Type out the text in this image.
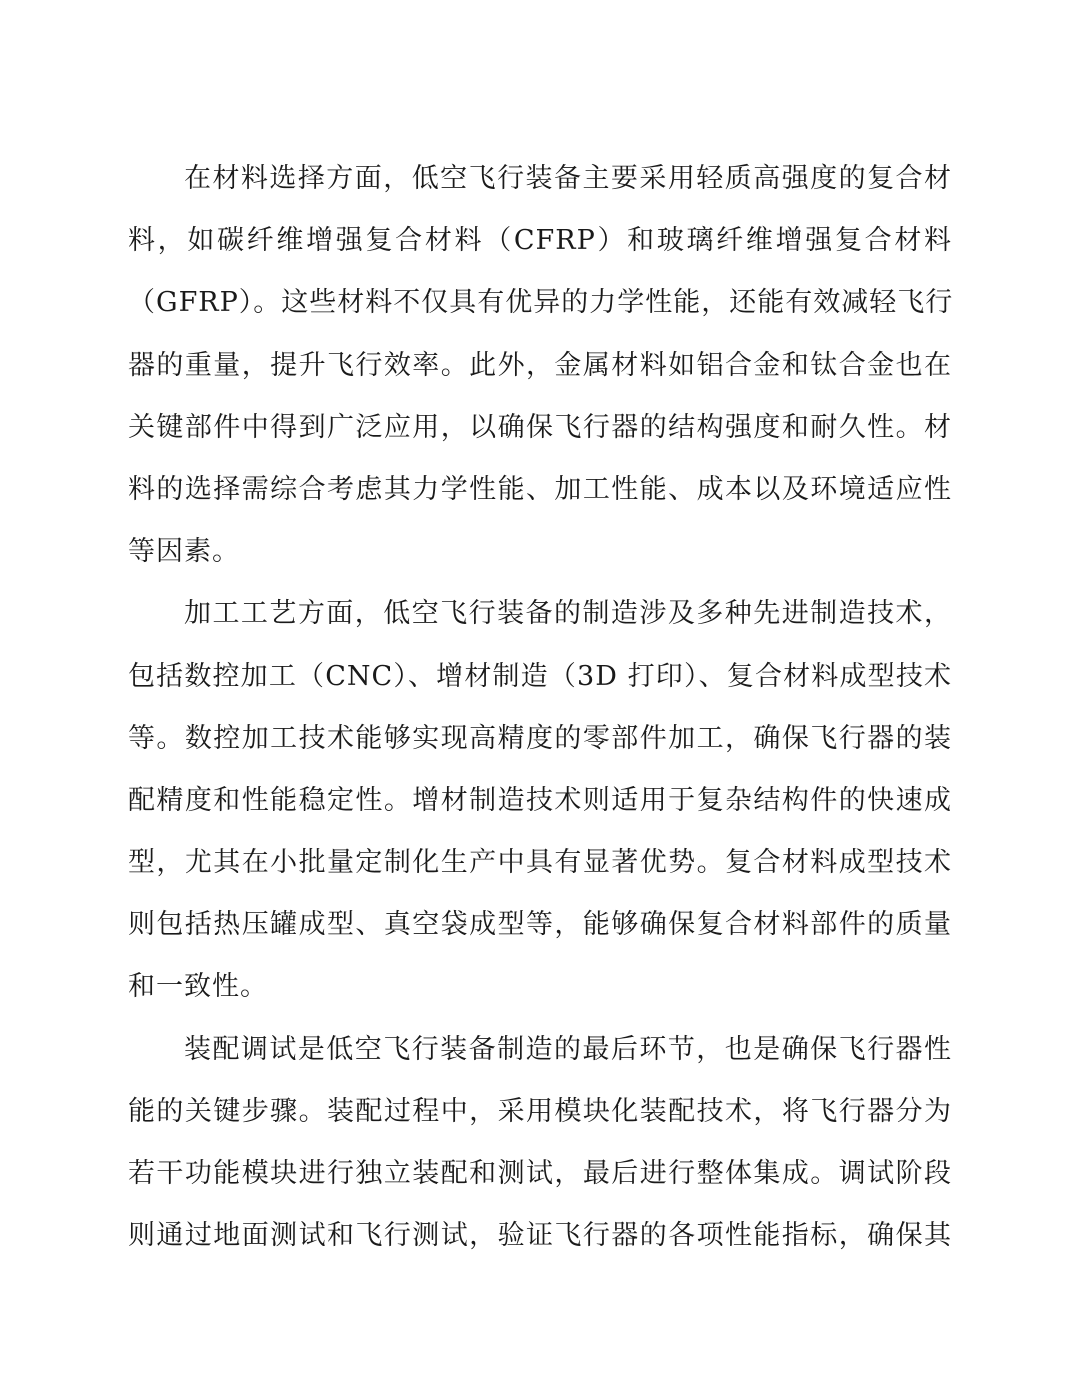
在材料选择方面，低空飞行装备主要采用轻质高强度的复合材
料，如碳纤维增强复合材料（CFRP）和玻璃纤维增强复合材料
（GFRP）。这些材料不仅具有优异的力学性能，还能有效减轻飞行
器的重量，提升飞行效率。此外，金属材料如铝合金和钛合金也在
关键部件中得到广泛应用，以确保飞行器的结构强度和耐久性。材
料的选择需综合考虑其力学性能、加工性能、成本以及环境适应性
等因素。
加工工艺方面，低空飞行装备的制造涉及多种先进制造技术，
包括数控加工（CNC）、增材制造（3D 打印）、复合材料成型技术
等。数控加工技术能够实现高精度的零部件加工，确保飞行器的装
配精度和性能稳定性。增材制造技术则适用于复杂结构件的快速成
型，尤其在小批量定制化生产中具有显著优势。复合材料成型技术
则包括热压罐成型、真空袋成型等，能够确保复合材料部件的质量
和一致性。
装配调试是低空飞行装备制造的最后环节，也是确保飞行器性
能的关键步骤。装配过程中，采用模块化装配技术，将飞行器分为
若干功能模块进行独立装配和测试，最后进行整体集成。调试阶段
则通过地面测试和飞行测试，验证飞行器的各项性能指标，确保其
